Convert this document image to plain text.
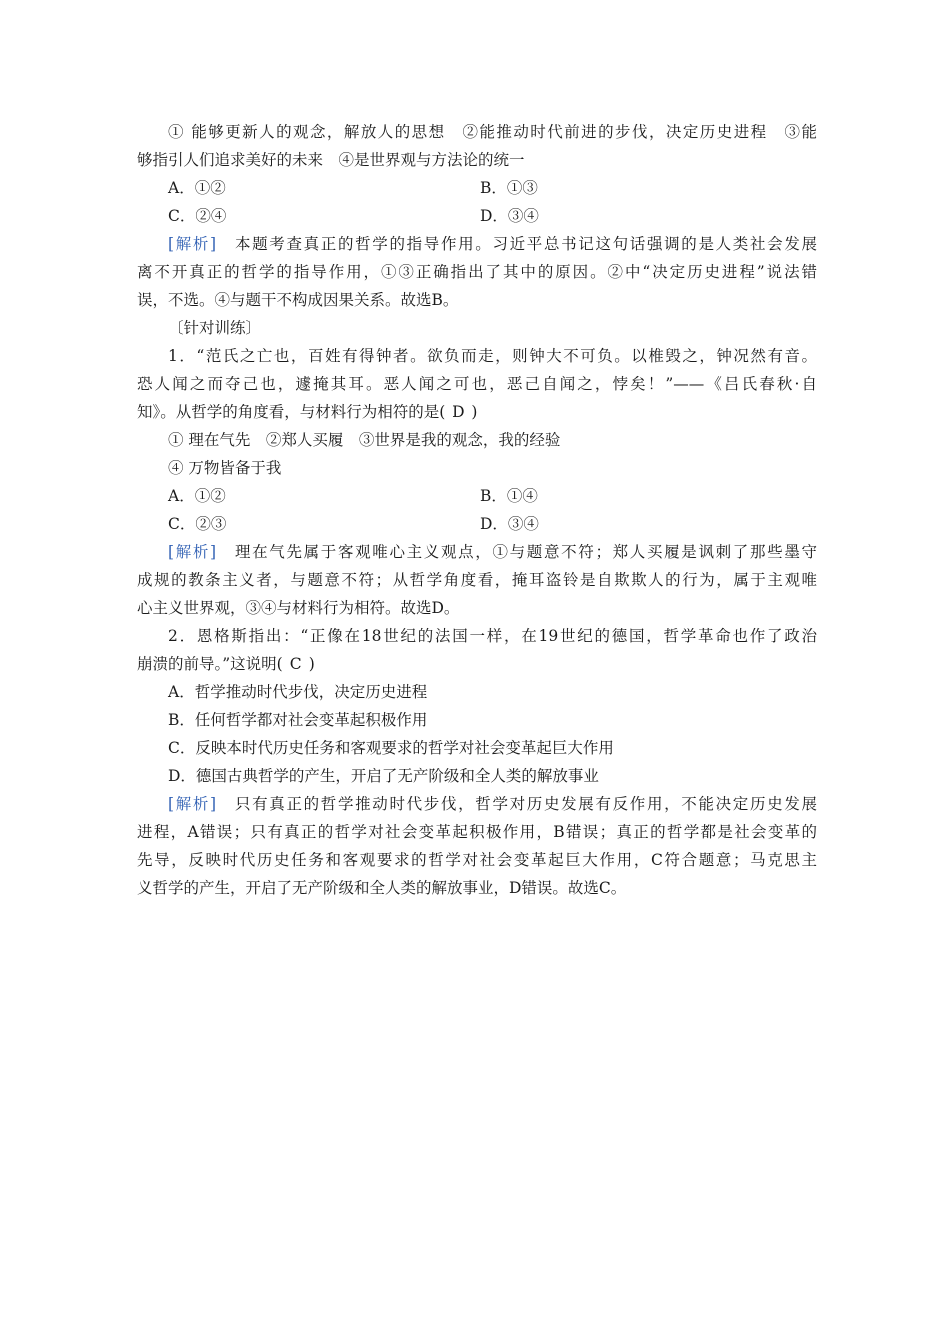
① 能够更新人的观念，解放人的思想　②能推动时代前进的步伐，决定历史进程　③能
够指引人们追求美好的未来　④是世界观与方法论的统一
A．①②	B．①③
C．②④	D．③④
[解析]　本题考查真正的哲学的指导作用。习近平总书记这句话强调的是人类社会发展
离不开真正的哲学的指导作用，①③正确指出了其中的原因。②中“决定历史进程”说法错
误，不选。④与题干不构成因果关系。故选B。
〔针对训练〕
1．“范氏之亡也，百姓有得钟者。欲负而走，则钟大不可负。以椎毁之，钟况然有音。
恐人闻之而夺己也，遽掩其耳。恶人闻之可也，恶己自闻之，悖矣！”——《吕氏春秋·自
知》。从哲学的角度看，与材料行为相符的是( D )
① 理在气先　②郑人买履　③世界是我的观念，我的经验
④ 万物皆备于我
A．①②	B．①④
C．②③	D．③④
[解析]　理在气先属于客观唯心主义观点，①与题意不符；郑人买履是讽刺了那些墨守
成规的教条主义者，与题意不符；从哲学角度看，掩耳盗铃是自欺欺人的行为，属于主观唯
心主义世界观，③④与材料行为相符。故选D。
2．恩格斯指出：“正像在18世纪的法国一样，在19世纪的德国，哲学革命也作了政治
崩溃的前导。”这说明( C )
A．哲学推动时代步伐，决定历史进程
B．任何哲学都对社会变革起积极作用
C．反映本时代历史任务和客观要求的哲学对社会变革起巨大作用
D．德国古典哲学的产生，开启了无产阶级和全人类的解放事业
[解析]　只有真正的哲学推动时代步伐，哲学对历史发展有反作用，不能决定历史发展
进程，A错误；只有真正的哲学对社会变革起积极作用，B错误；真正的哲学都是社会变革的
先导，反映时代历史任务和客观要求的哲学对社会变革起巨大作用，C符合题意；马克思主
义哲学的产生，开启了无产阶级和全人类的解放事业，D错误。故选C。
